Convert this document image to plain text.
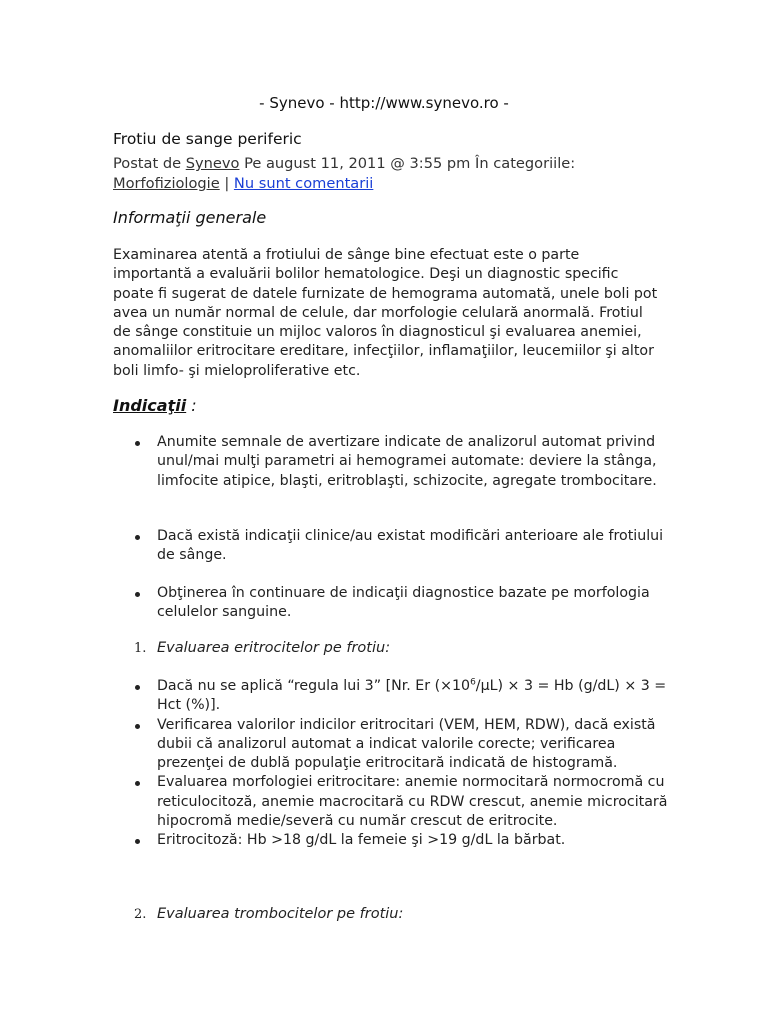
- Synevo - http://www.synevo.ro -
Frotiu de sange periferic
Postat de Synevo Pe august 11, 2011 @ 3:55 pm În categoriile:
Morfofiziologie | Nu sunt comentarii
Informaţii generale
Examinarea atentă a frotiului de sânge bine efectuat este o parte importantă a evaluării bolilor hematologice. Deşi un diagnostic specific poate fi sugerat de datele furnizate de hemograma automată, unele boli pot avea un număr normal de celule, dar morfologie celulară anormală. Frotiul de sânge constituie un mijloc valoros în diagnosticul şi evaluarea anemiei, anomaliilor eritrocitare ereditare, infecţiilor, inflamaţiilor, leucemiilor şi altor boli limfo- şi mieloproliferative etc.
Indicaţii :
Anumite semnale de avertizare indicate de analizorul automat privind unul/mai mulţi parametri ai hemogramei automate: deviere la stânga, limfocite atipice, blaşti, eritroblaşti, schizocite, agregate trombocitare.
Dacă există indicaţii clinice/au existat modificări anterioare ale frotiului de sânge.
Obţinerea în continuare de indicaţii diagnostice bazate pe morfologia celulelor sanguine.
1. Evaluarea eritrocitelor pe frotiu:
Dacă nu se aplică “regula lui 3” [Nr. Er $(\times 10^6/\mu L) \times 3 = Hb$ (g/dL) × 3 = Hct (%)].
Verificarea valorilor indicilor eritrocitari (VEM, HEM, RDW), dacă există dubii că analizorul automat a indicat valorile corecte; verificarea prezenţei de dublă populaţie eritrocitară indicată de histogramă.
Evaluarea morfologiei eritrocitare: anemie normocitară normocromă cu reticulocitoză, anemie macrocitară cu RDW crescut, anemie microcitară hipocromă medie/severă cu număr crescut de eritrocite.
Eritrocitoză: Hb >18 g/dL la femeie şi >19 g/dL la bărbat.
2. Evaluarea trombocitelor pe frotiu:
